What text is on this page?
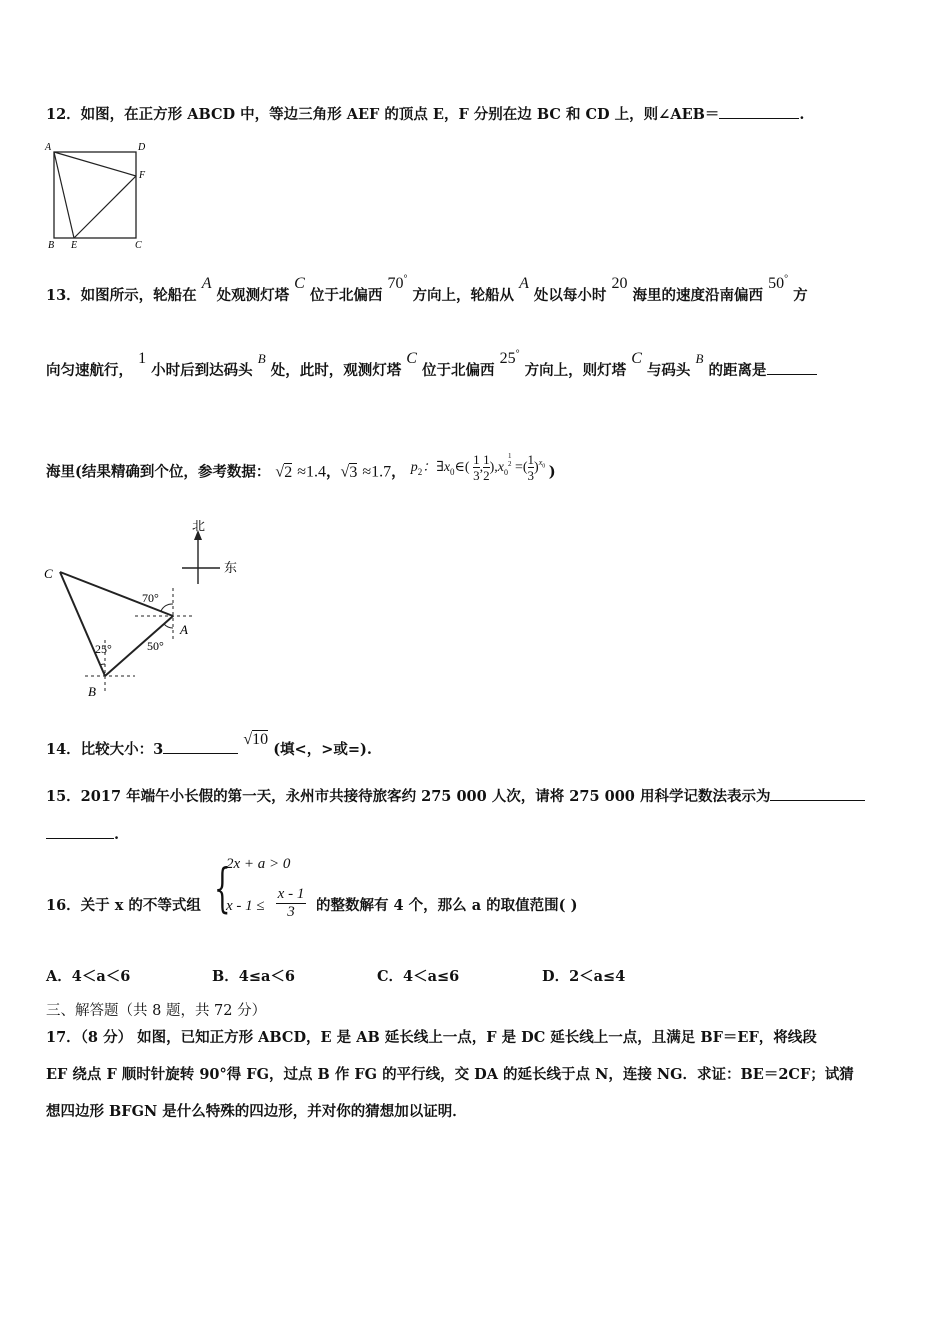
12．如图，在正方形 ABCD 中，等边三角形 AEF 的顶点 E，F 分别在边 BC 和 CD 上，则∠AEB＝	.
A	D
F
B E	C
13．如图所示，轮船在 A 处观测灯塔 C 位于北偏西 70° 方向上，轮船从 A 处以每小时 20 海里的速度沿南偏西 50° 方
向匀速航行， 1 小时后到达码头 B 处，此时，观测灯塔 C 位于北偏西 25° 方向上，则灯塔 C 与码头 B 的距离是
海里(结果精确到个位，参考数据： √2 ≈1.4，√3 ≈1.7， $p_2$：$\exists x_0\in( \frac{1}{3}$ , $\frac{1}{2} ),x_0$
$^{1 2}$ =( $\frac{1}{3} )^{x_0}$ )
北
东
C
A
B
70°
50°
25°
14．比较大小：3 √10 (填<，>或=).
15．2017 年端午小长假的第一天，永州市共接待旅客约 275 000 人次，请将 275 000 用科学记数法表示为
.
16．关于 x 的不等式组 {
2x + a > 0
x - 1 ≤
x - 1
3	的整数解有 4 个，那么 a 的取值范围( )
A．4＜a＜6	B．4≤a＜6	C．4＜a≤6	D．2＜a≤4
三、解答题（共 8 题，共 72 分）
17．（8 分） 如图，已知正方形 ABCD，E 是 AB 延长线上一点，F 是 DC 延长线上一点，且满足 BF＝EF，将线段
EF 绕点 F 顺时针旋转 90°得 FG，过点 B 作 FG 的平行线，交 DA 的延长线于点 N，连接 NG．求证：BE＝2CF；试猜
想四边形 BFGN 是什么特殊的四边形，并对你的猜想加以证明．
